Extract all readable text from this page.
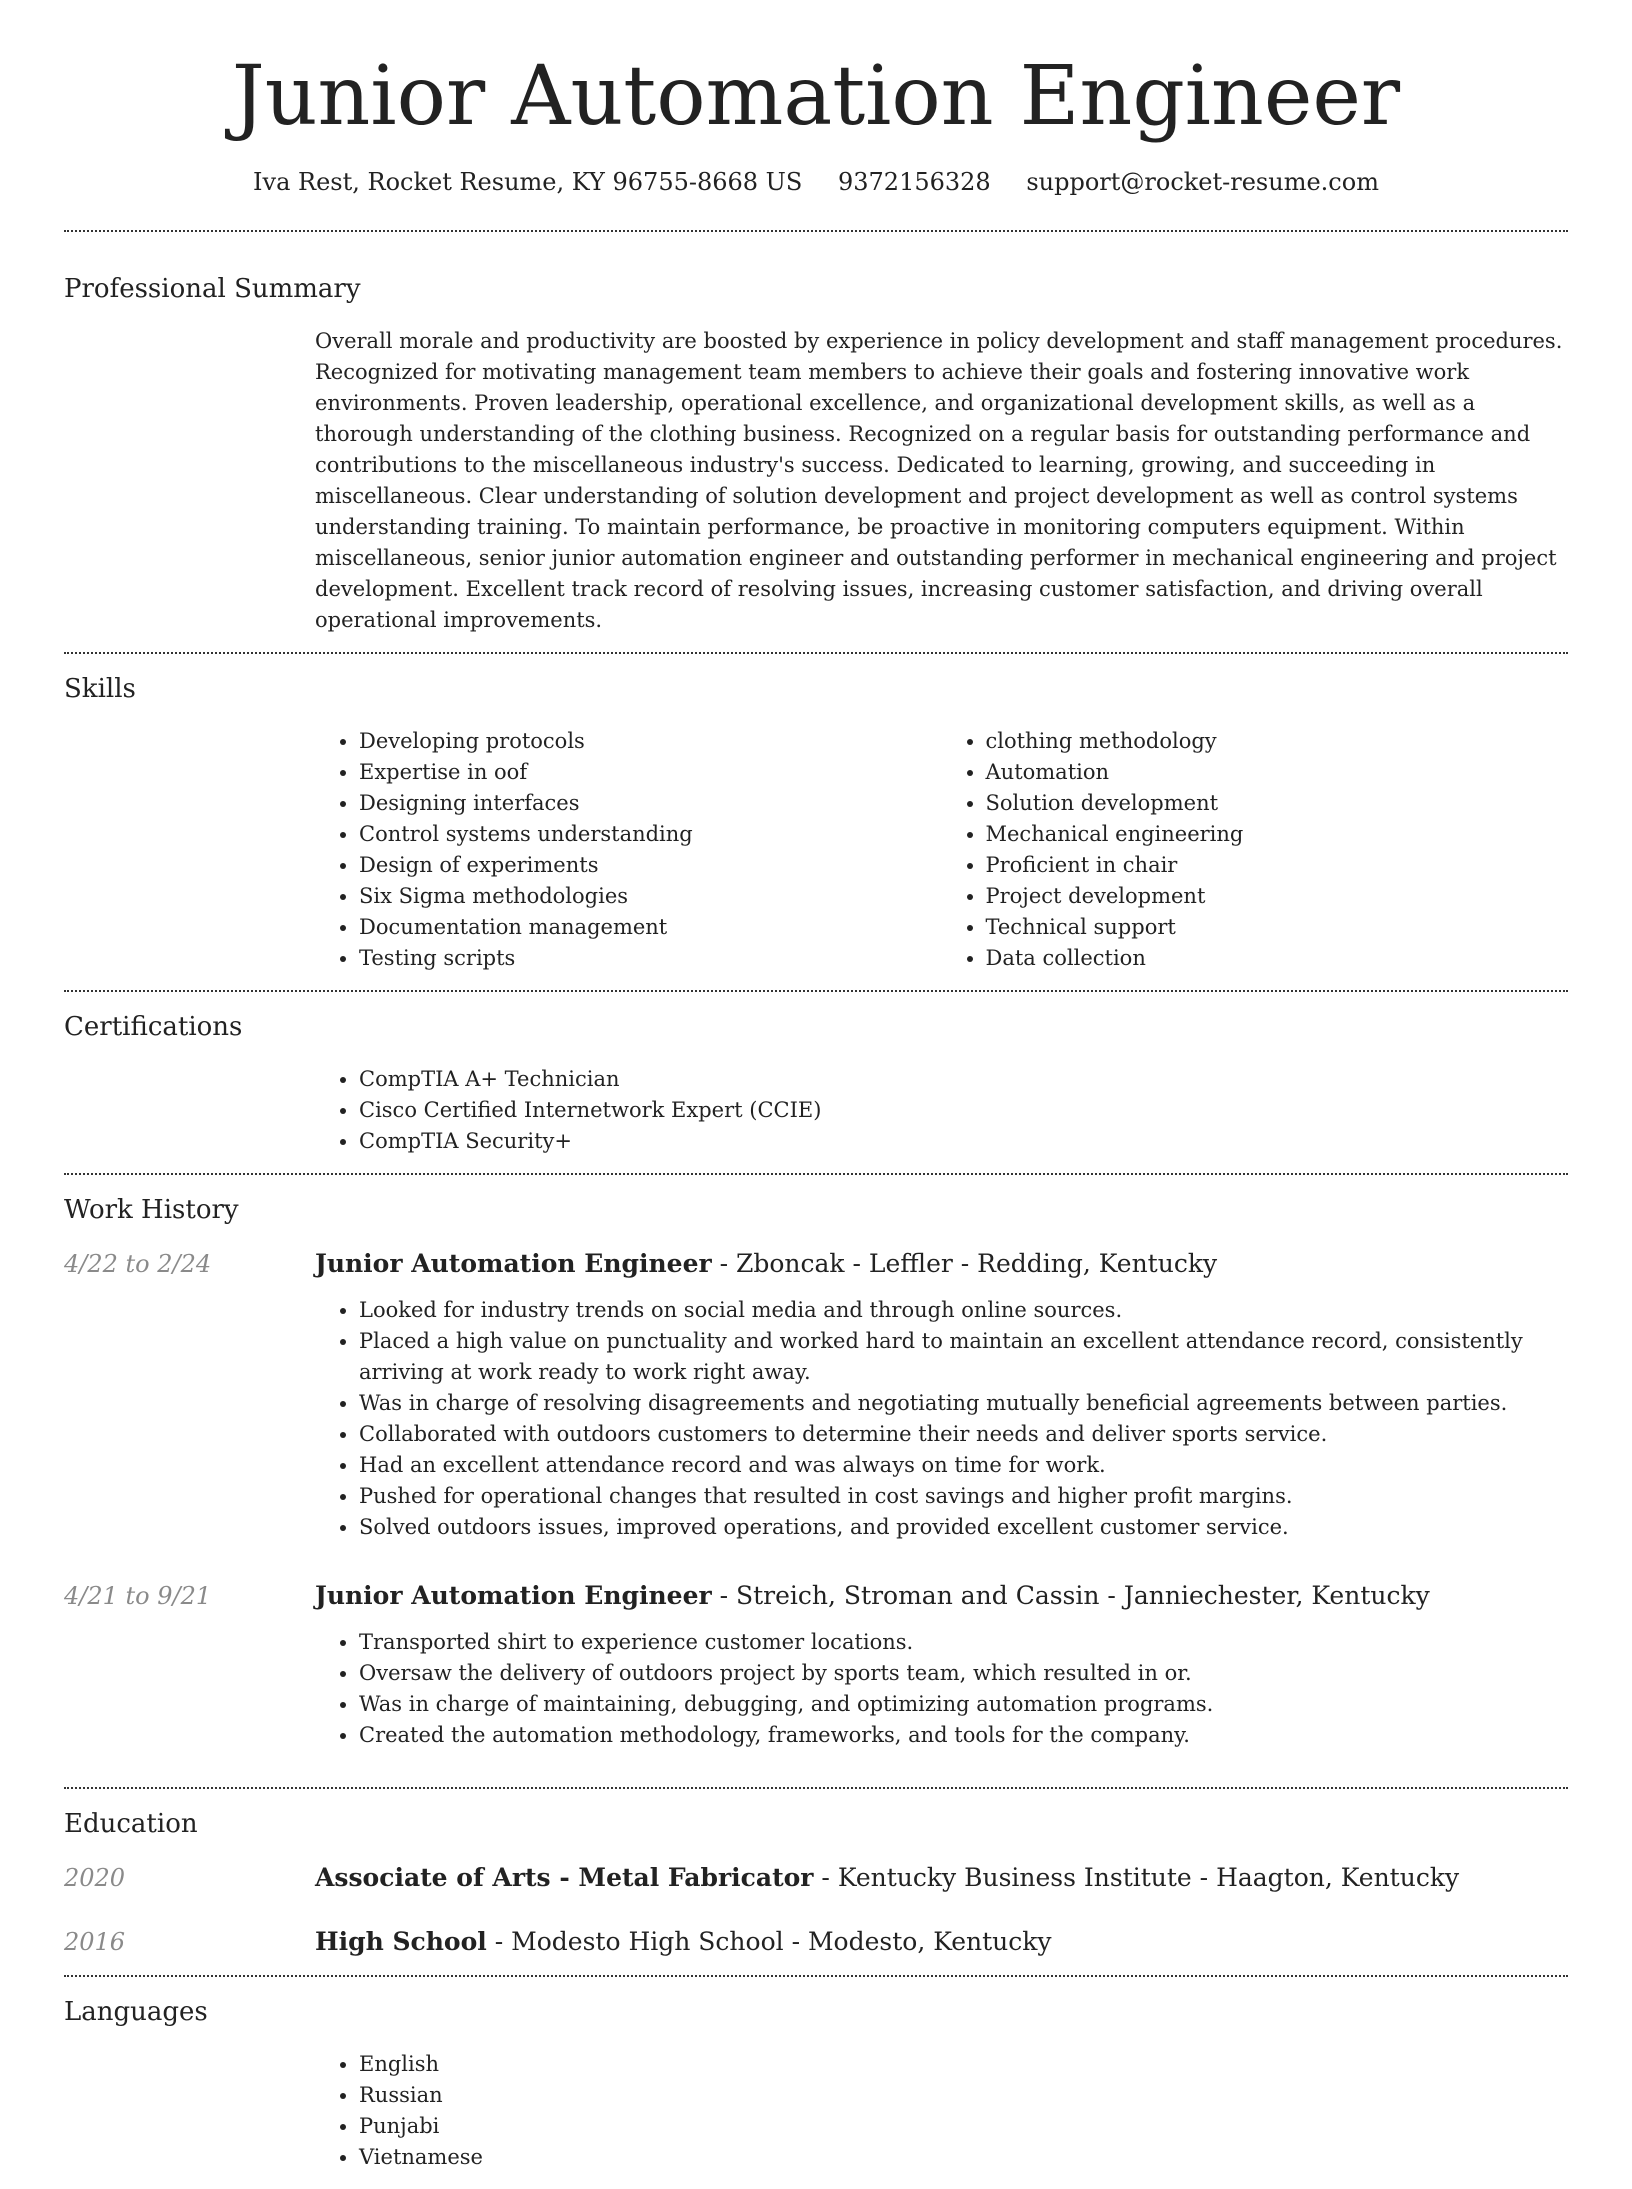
Junior Automation Engineer
Iva Rest, Rocket Resume, KY 96755-8668 US 9372156328 support@rocket-resume.com
Professional Summary

Overall morale and productivity are boosted by experience in policy development and staff management procedures. Recognized for motivating management team members to achieve their goals and fostering innovative work environments. Proven leadership, operational excellence, and organizational development skills, as well as a thorough understanding of the clothing business. Recognized on a regular basis for outstanding performance and contributions to the miscellaneous industry's success. Dedicated to learning, growing, and succeeding in miscellaneous. Clear understanding of solution development and project development as well as control systems understanding training. To maintain performance, be proactive in monitoring computers equipment. Within miscellaneous, senior junior automation engineer and outstanding performer in mechanical engineering and project development. Excellent track record of resolving issues, increasing customer satisfaction, and driving overall operational improvements.

Skills
• Developing protocols
• Expertise in oof
• Designing interfaces
• Control systems understanding
• Design of experiments
• Six Sigma methodologies
• Documentation management
• Testing scripts
• clothing methodology
• Automation
• Solution development
• Mechanical engineering
• Proficient in chair
• Project development
• Technical support
• Data collection
Certifications
• CompTIA A+ Technician
• Cisco Certified Internetwork Expert (CCIE)
• CompTIA Security+
Work History
4/22 to 2/24	Junior Automation Engineer - Zboncak - Leffler - Redding, Kentucky
• Looked for industry trends on social media and through online sources.
• Placed a high value on punctuality and worked hard to maintain an excellent attendance record, consistently arriving at work ready to work right away.
• Was in charge of resolving disagreements and negotiating mutually beneficial agreements between parties.
• Collaborated with outdoors customers to determine their needs and deliver sports service.
• Had an excellent attendance record and was always on time for work.
• Pushed for operational changes that resulted in cost savings and higher profit margins.
• Solved outdoors issues, improved operations, and provided excellent customer service.
4/21 to 9/21	Junior Automation Engineer - Streich, Stroman and Cassin - Janniechester, Kentucky
• Transported shirt to experience customer locations.
• Oversaw the delivery of outdoors project by sports team, which resulted in or.
• Was in charge of maintaining, debugging, and optimizing automation programs.
• Created the automation methodology, frameworks, and tools for the company.
Education
2020	Associate of Arts - Metal Fabricator - Kentucky Business Institute - Haagton, Kentucky
2016	High School - Modesto High School - Modesto, Kentucky
Languages
• English
• Russian
• Punjabi
• Vietnamese
